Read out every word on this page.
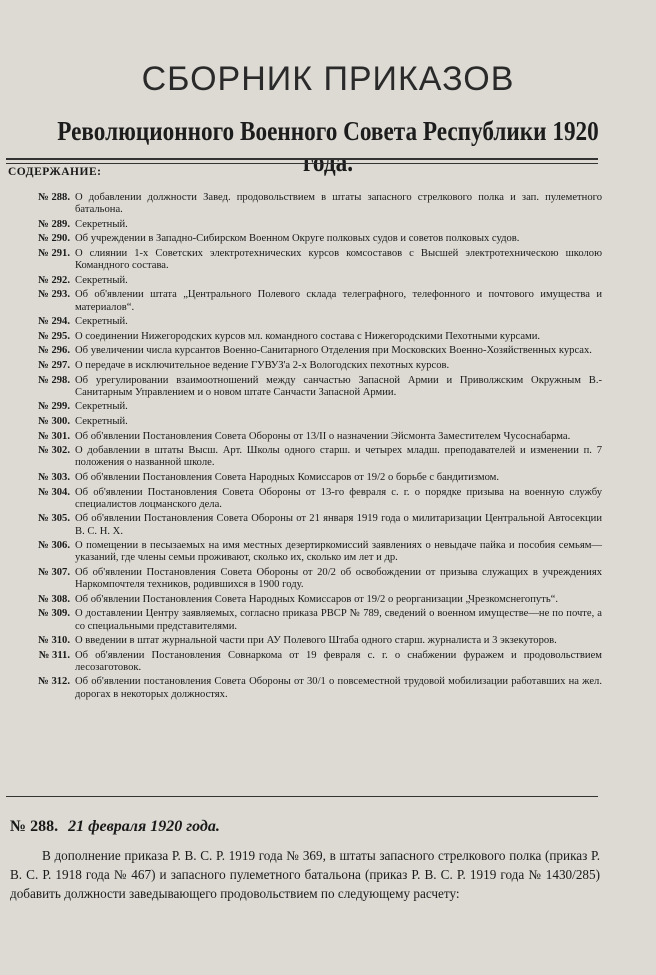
СБОРНИК ПРИКАЗОВ
Революционного Военного Совета Республики 1920 года.
СОДЕРЖАНИЕ:
№ 288. О добавлении должности Завед. продовольствием в штаты запасного стрелкового полка и зап. пулеметного батальона.
№ 289. Секретный.
№ 290. Об учреждении в Западно-Сибирском Военном Округе полковых судов и советов полковых судов.
№ 291. О слиянии 1-х Советских электротехнических курсов комсоставов с Высшей электротехническою школою Командного состава.
№ 292. Секретный.
№ 293. Об об'явлении штата „Центрального Полевого склада телеграфного, телефонного и почтового имущества и материалов“.
№ 294. Секретный.
№ 295. О соединении Нижегородских курсов мл. командного состава с Нижегородскими Пехотными курсами.
№ 296. Об увеличении числа курсантов Военно-Санитарного Отделения при Московских Военно-Хозяйственных курсах.
№ 297. О передаче в исключительное ведение ГУВУЗ'а 2-х Вологодских пехотных курсов.
№ 298. Об урегулировании взаимоотношений между санчастью Запасной Армии и Приволжским Окружным В.-Санитарным Управлением и о новом штате Санчасти Запасной Армии.
№ 299. Секретный.
№ 300. Секретный.
№ 301. Об об'явлении Постановления Совета Обороны от 13/II о назначении Эйсмонта Заместителем Чусоснабарма.
№ 302. О добавлении в штаты Высш. Арт. Школы одного старш. и четырех младш. преподавателей и изменении п. 7 положения о названной школе.
№ 303. Об об'явлении Постановления Совета Народных Комиссаров от 19/2 о борьбе с бандитизмом.
№ 304. Об об'явлении Постановления Совета Обороны от 13-го февраля с. г. о порядке призыва на военную службу специалистов лоцманского дела.
№ 305. Об об'явлении Постановления Совета Обороны от 21 января 1919 года о милитаризации Центральной Автосекции В. С. Н. Х.
№ 306. О помещении в песызаемых на имя местных дезертиркомиссий заявлениях о невыдаче пайка и пособия семьям—указаний, где члены семьи проживают, сколько их, сколько им лет и др.
№ 307. Об об'явлении Постановления Совета Обороны от 20/2 об освобождении от призыва служащих в учреждениях Наркомпочтеля техников, родившихся в 1900 году.
№ 308. Об об'явлении Постановления Совета Народных Комиссаров от 19/2 о реорганизации „Чрезкомснегопуть“.
№ 309. О доставлении Центру заявляемых, согласно приказа РВСР № 789, сведений о военном имуществе—не по почте, а со специальными представителями.
№ 310. О введении в штат журнальной части при АУ Полевого Штаба одного старш. журналиста и 3 экзекуторов.
№ 311. Об об'явлении Постановления Совнаркома от 19 февраля с. г. о снабжении фуражем и продовольствием лесозаготовок.
№ 312. Об об'явлении постановления Совета Обороны от 30/1 о повсеместной трудовой мобилизации работавших на жел. дорогах в некоторых должностях.
№ 288. 21 февраля 1920 года.
В дополнение приказа Р. В. С. Р. 1919 года № 369, в штаты запасного стрелкового полка (приказ Р. В. С. Р. 1918 года № 467) и запасного пулеметного батальона (приказ Р. В. С. Р. 1919 года № 1430/285) добавить должности заведывающего продовольствием по следующему расчету:
